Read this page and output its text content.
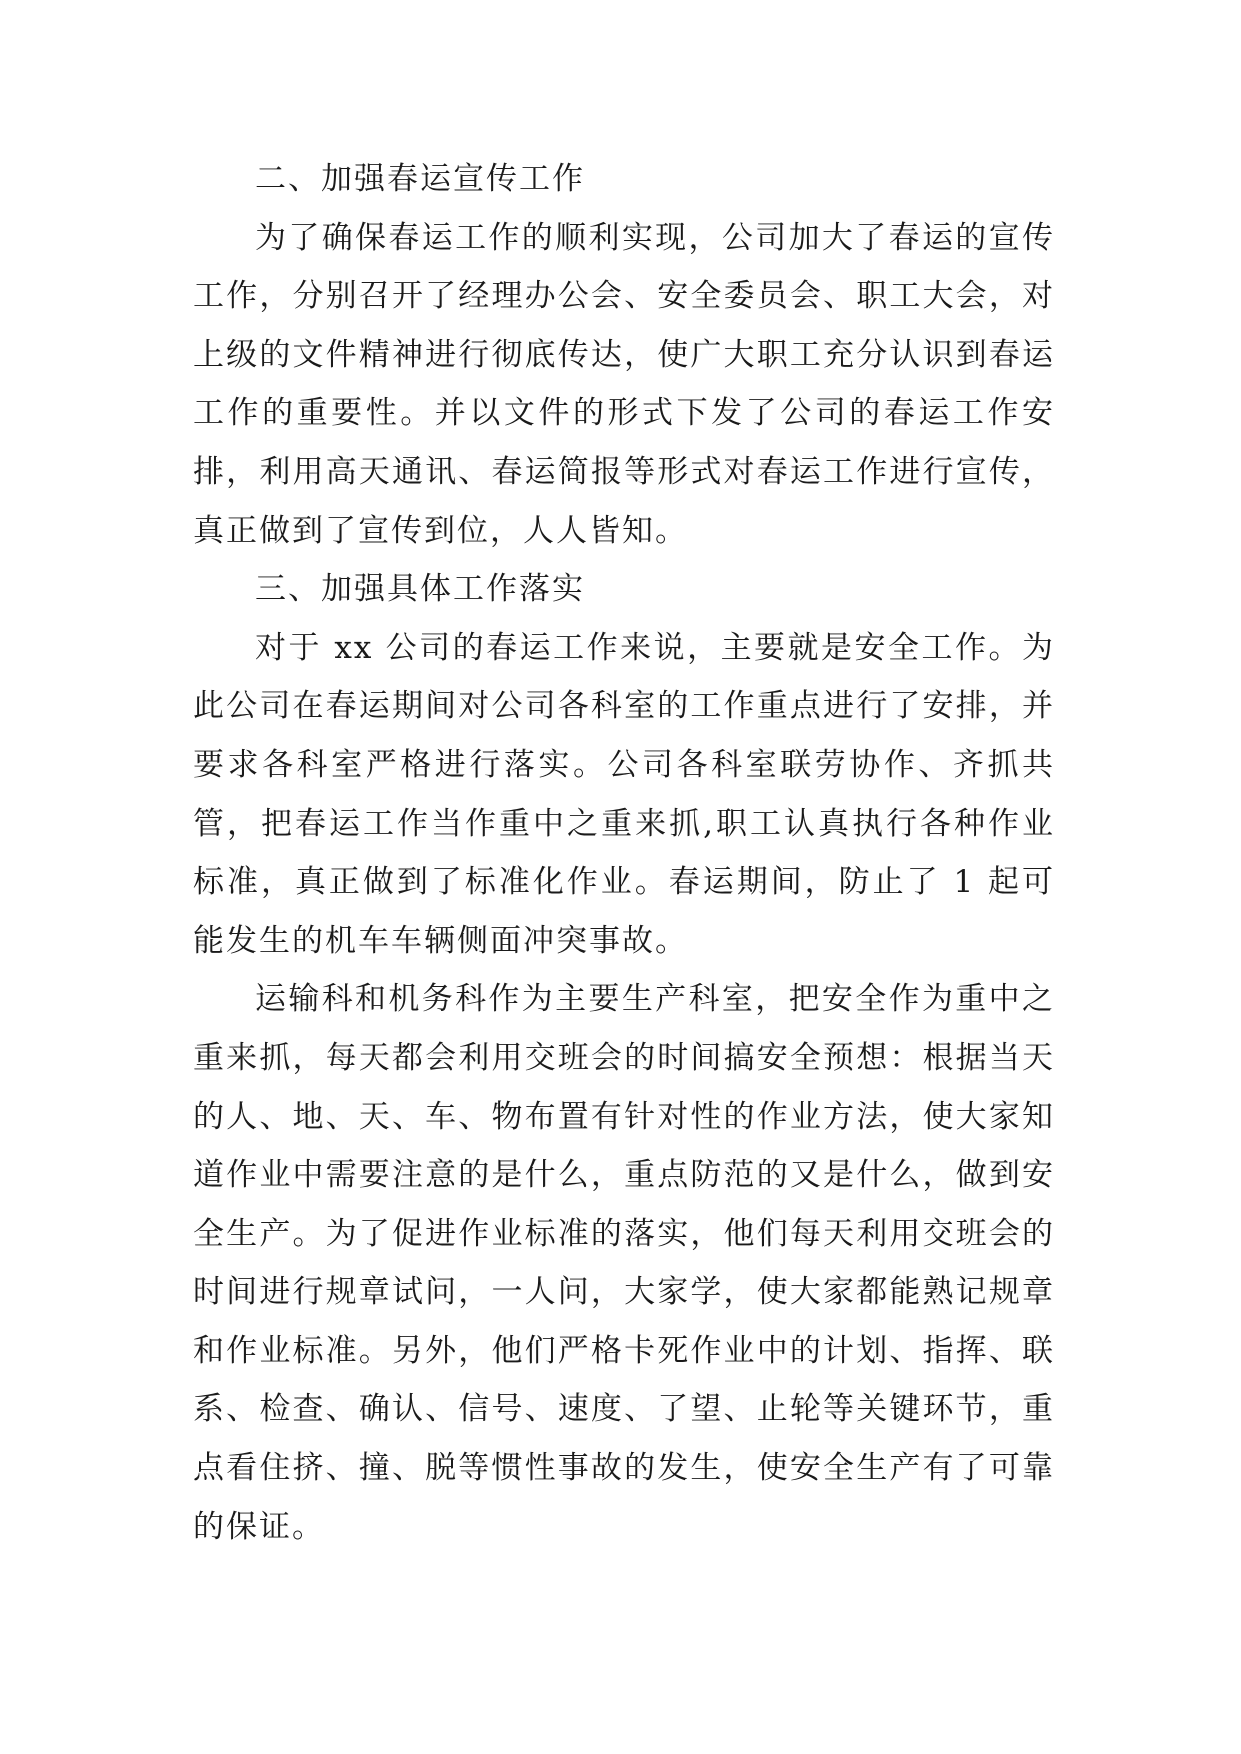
二、加强春运宣传工作

为了确保春运工作的顺利实现，公司加大了春运的宣传工作，分别召开了经理办公会、安全委员会、职工大会，对上级的文件精神进行彻底传达，使广大职工充分认识到春运工作的重要性。并以文件的形式下发了公司的春运工作安排，利用高天通讯、春运简报等形式对春运工作进行宣传，真正做到了宣传到位，人人皆知。

三、加强具体工作落实

对于 xx 公司的春运工作来说，主要就是安全工作。为此公司在春运期间对公司各科室的工作重点进行了安排，并要求各科室严格进行落实。公司各科室联劳协作、齐抓共管，把春运工作当作重中之重来抓,职工认真执行各种作业标准，真正做到了标准化作业。春运期间，防止了 1 起可能发生的机车车辆侧面冲突事故。

运输科和机务科作为主要生产科室，把安全作为重中之重来抓，每天都会利用交班会的时间搞安全预想：根据当天的人、地、天、车、物布置有针对性的作业方法，使大家知道作业中需要注意的是什么，重点防范的又是什么，做到安全生产。为了促进作业标准的落实，他们每天利用交班会的时间进行规章试问，一人问，大家学，使大家都能熟记规章和作业标准。另外，他们严格卡死作业中的计划、指挥、联系、检查、确认、信号、速度、了望、止轮等关键环节，重点看住挤、撞、脱等惯性事故的发生，使安全生产有了可靠的保证。
